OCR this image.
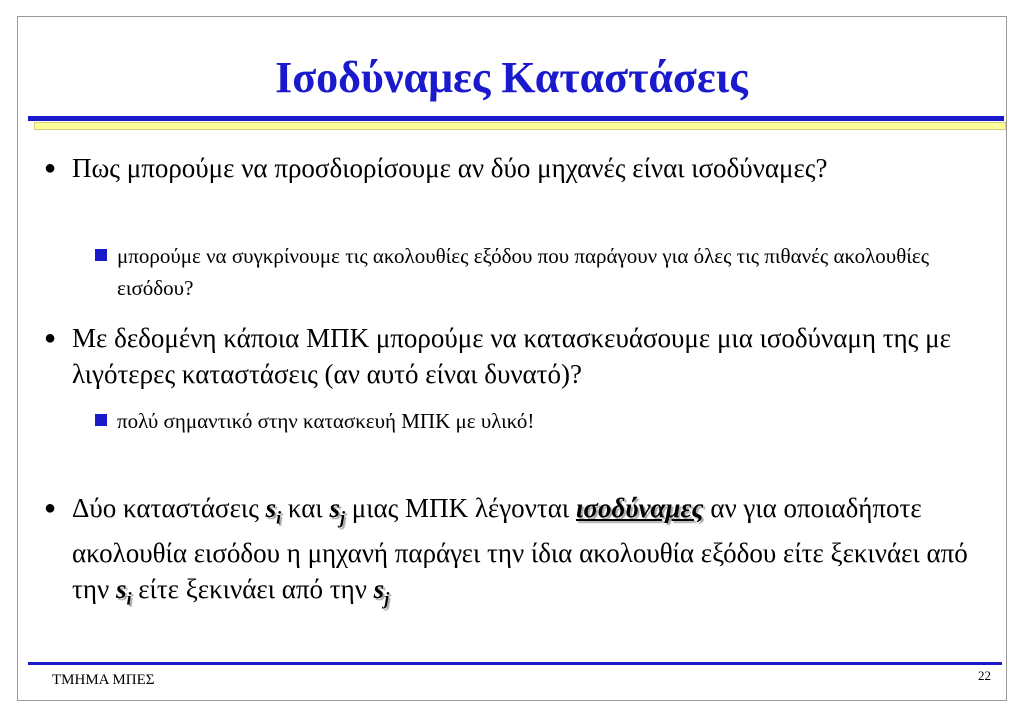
Ισοδύναμες Καταστάσεις
● Πως μπορούμε να προσδιορίσουμε αν δύο μηχανές είναι ισοδύναμες?
μπορούμε να συγκρίνουμε τις ακολουθίες εξόδου που παράγουν για όλες τις πιθανές ακολουθίες εισόδου?
● Με δεδομένη κάποια ΜΠΚ μπορούμε να κατασκευάσουμε μια ισοδύναμη της με λιγότερες καταστάσεις (αν αυτό είναι δυνατό)?
πολύ σημαντικό στην κατασκευή ΜΠΚ με υλικό!
● Δύο καταστάσεις $s_i$ και $s_j$ μιας ΜΠΚ λέγονται ισοδύναμες αν για οποιαδήποτε ακολουθία εισόδου η μηχανή παράγει την ίδια ακολουθία εξόδου είτε ξεκινάει από την $s_i$ είτε ξεκινάει από την $s_j$
ΤΜΗΜΑ ΜΠΕΣ	22
